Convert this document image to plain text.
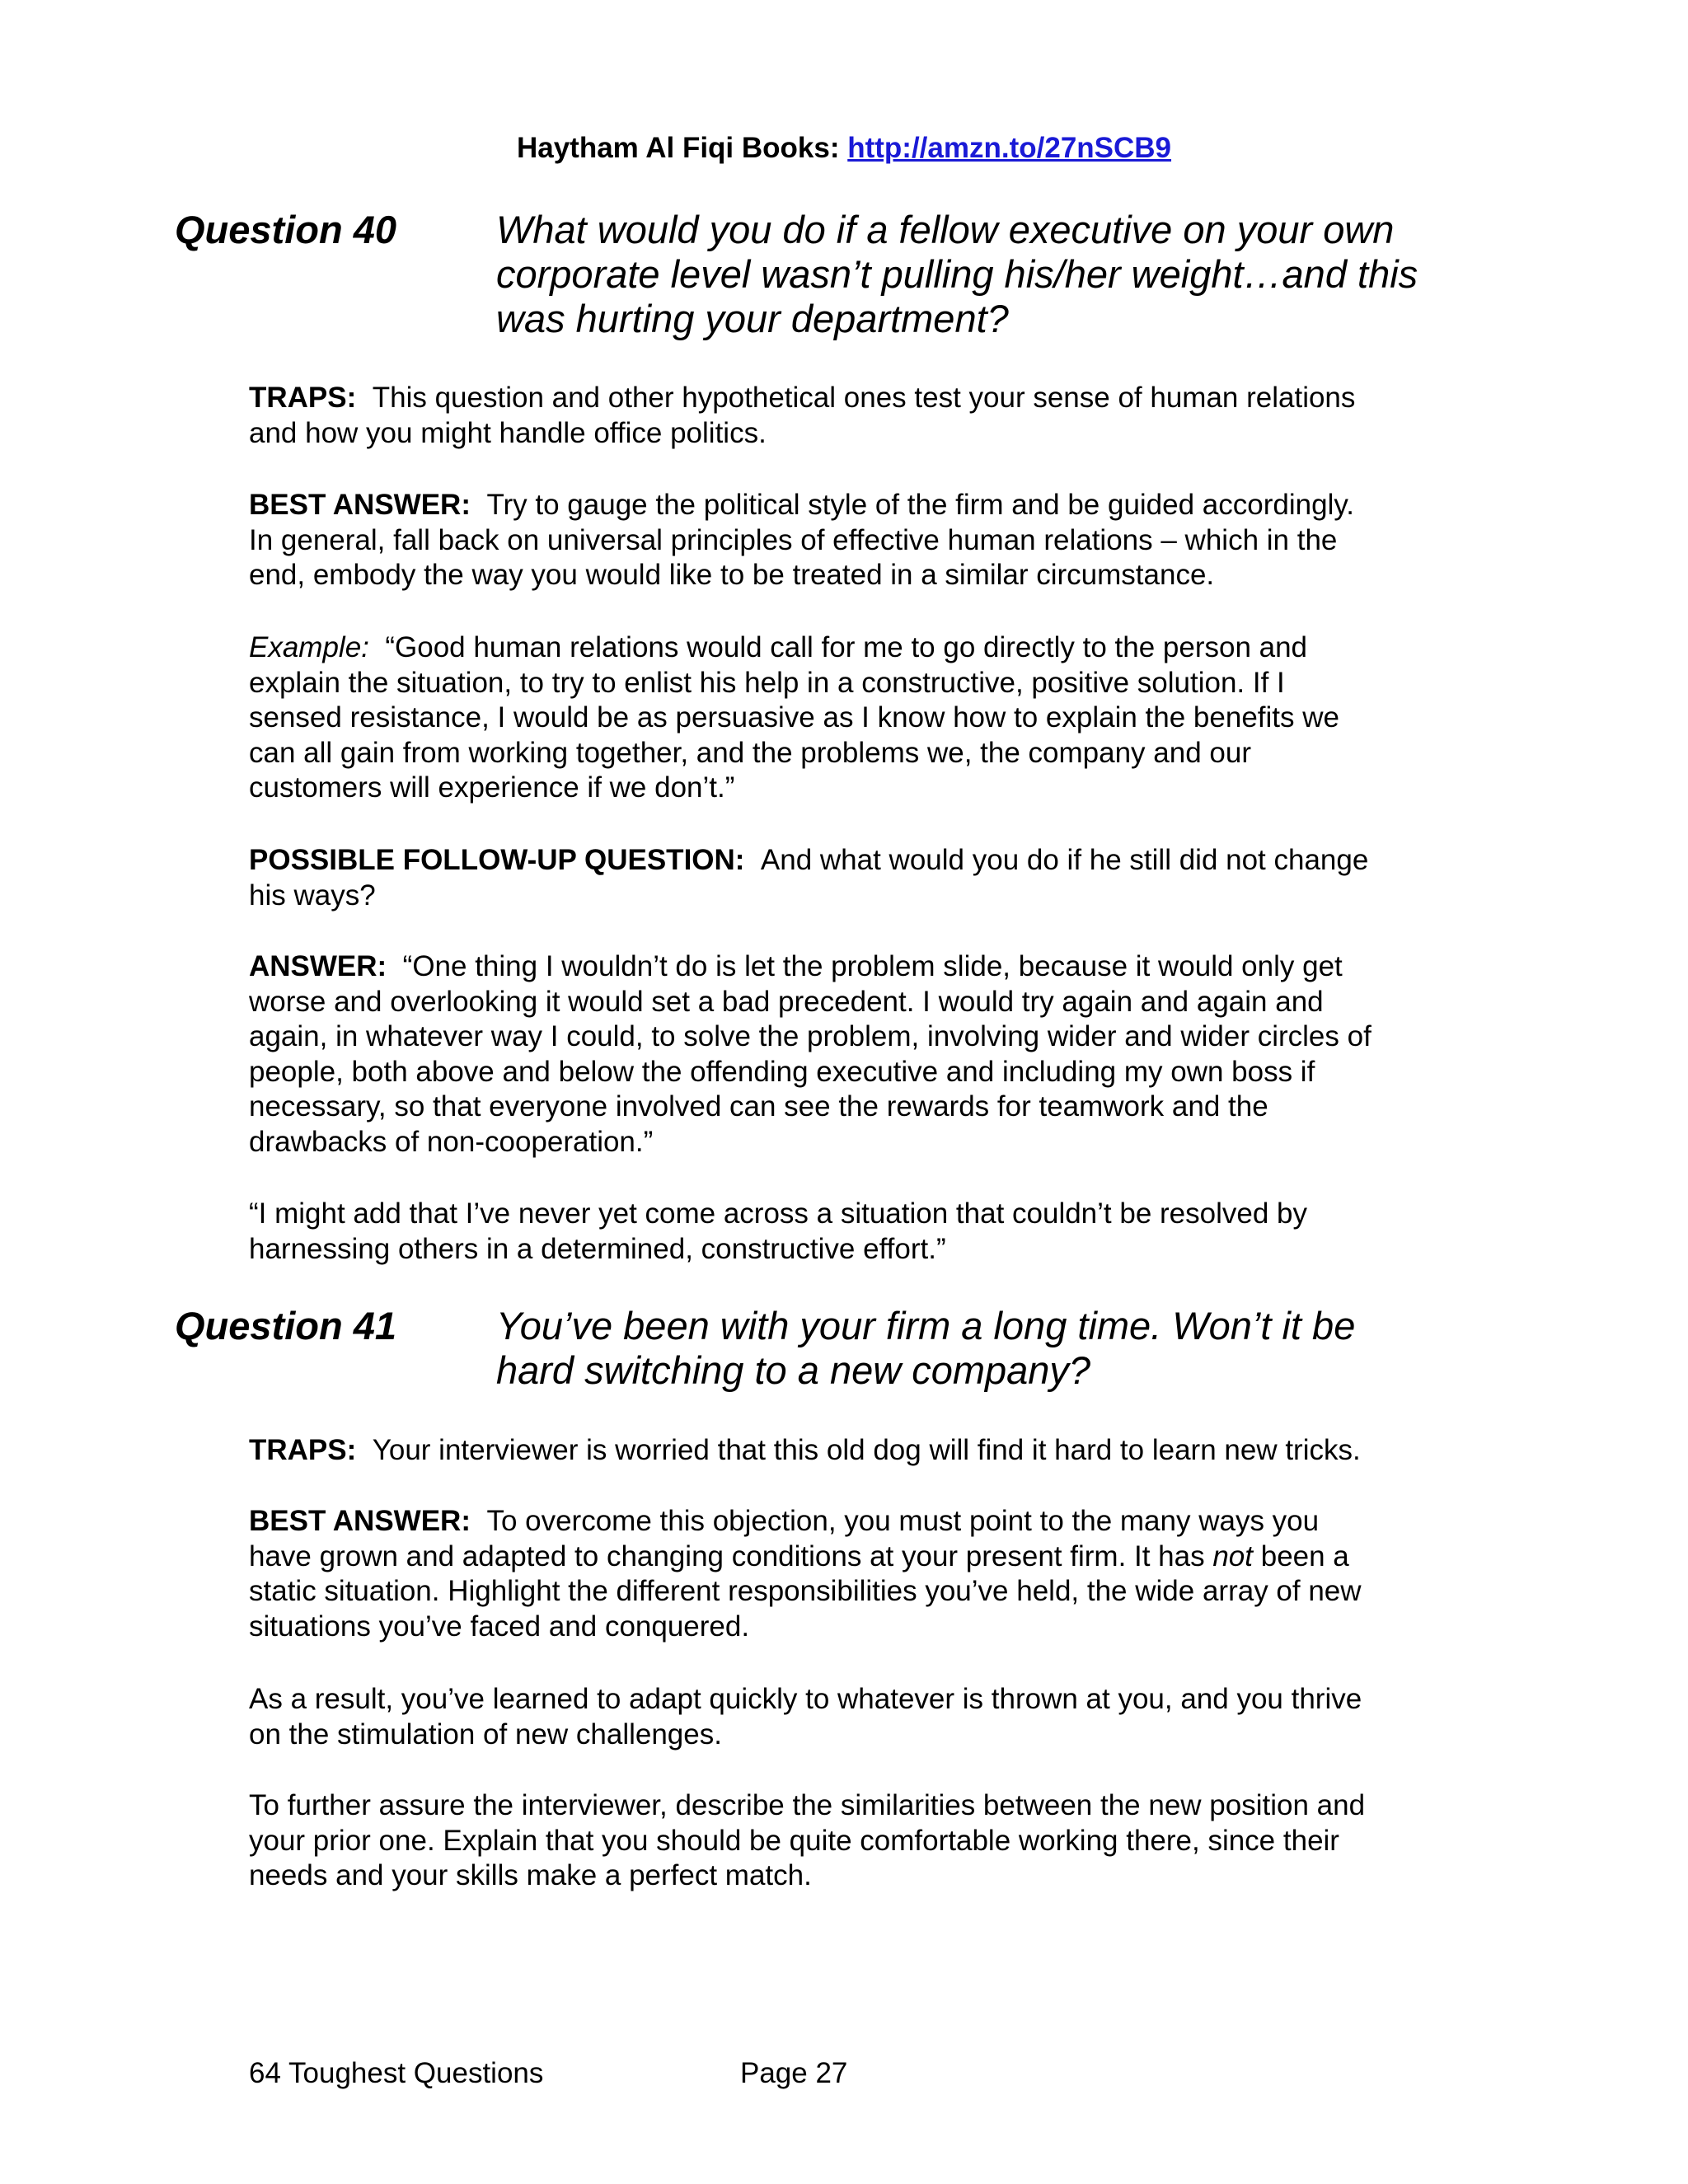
Haytham Al Fiqi Books: http://amzn.to/27nSCB9
Question 40	What would you do if a fellow executive on your own
corporate level wasn’t pulling his/her weight…and this
was hurting your department?
TRAPS: This question and other hypothetical ones test your sense of human relations
and how you might handle office politics.
BEST ANSWER: Try to gauge the political style of the firm and be guided accordingly.
In general, fall back on universal principles of effective human relations – which in the
end, embody the way you would like to be treated in a similar circumstance.
Example: “Good human relations would call for me to go directly to the person and
explain the situation, to try to enlist his help in a constructive, positive solution. If I
sensed resistance, I would be as persuasive as I know how to explain the benefits we
can all gain from working together, and the problems we, the company and our
customers will experience if we don’t.”
POSSIBLE FOLLOW-UP QUESTION: And what would you do if he still did not change
his ways?
ANSWER: “One thing I wouldn’t do is let the problem slide, because it would only get
worse and overlooking it would set a bad precedent. I would try again and again and
again, in whatever way I could, to solve the problem, involving wider and wider circles of
people, both above and below the offending executive and including my own boss if
necessary, so that everyone involved can see the rewards for teamwork and the
drawbacks of non-cooperation.”
“I might add that I’ve never yet come across a situation that couldn’t be resolved by
harnessing others in a determined, constructive effort.”
Question 41	You’ve been with your firm a long time. Won’t it be
hard switching to a new company?
TRAPS: Your interviewer is worried that this old dog will find it hard to learn new tricks.
BEST ANSWER: To overcome this objection, you must point to the many ways you
have grown and adapted to changing conditions at your present firm. It has not been a
static situation. Highlight the different responsibilities you’ve held, the wide array of new
situations you’ve faced and conquered.
As a result, you’ve learned to adapt quickly to whatever is thrown at you, and you thrive
on the stimulation of new challenges.
To further assure the interviewer, describe the similarities between the new position and
your prior one. Explain that you should be quite comfortable working there, since their
needs and your skills make a perfect match.
64 Toughest Questions	Page 27
